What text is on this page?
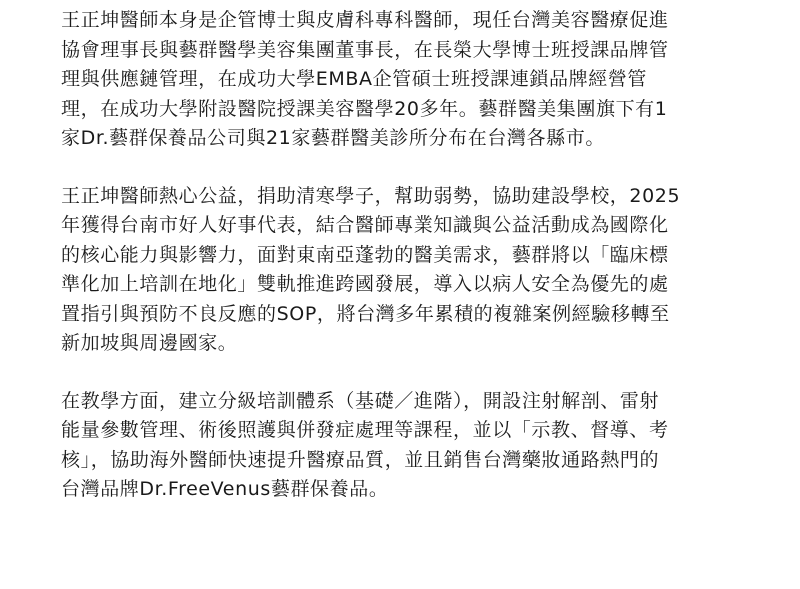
王正坤醫師本身是企管博士與皮膚科專科醫師，現任台灣美容醫療促進
協會理事長與藝群醫學美容集團董事長，在長榮大學博士班授課品牌管
理與供應鏈管理，在成功大學EMBA企管碩士班授課連鎖品牌經營管
理，在成功大學附設醫院授課美容醫學20多年。藝群醫美集團旗下有1
家Dr.藝群保養品公司與21家藝群醫美診所分布在台灣各縣市。

王正坤醫師熱心公益，捐助清寒學子，幫助弱勢，協助建設學校，2025
年獲得台南市好人好事代表，結合醫師專業知識與公益活動成為國際化
的核心能力與影響力，面對東南亞蓬勃的醫美需求，藝群將以「臨床標
準化加上培訓在地化」雙軌推進跨國發展，導入以病人安全為優先的處
置指引與預防不良反應的SOP，將台灣多年累積的複雜案例經驗移轉至
新加坡與周邊國家。

在教學方面，建立分級培訓體系（基礎／進階），開設注射解剖、雷射
能量參數管理、術後照護與併發症處理等課程，並以「示教、督導、考
核」，協助海外醫師快速提升醫療品質，並且銷售台灣藥妝通路熱門的
台灣品牌Dr.FreeVenus藝群保養品。
